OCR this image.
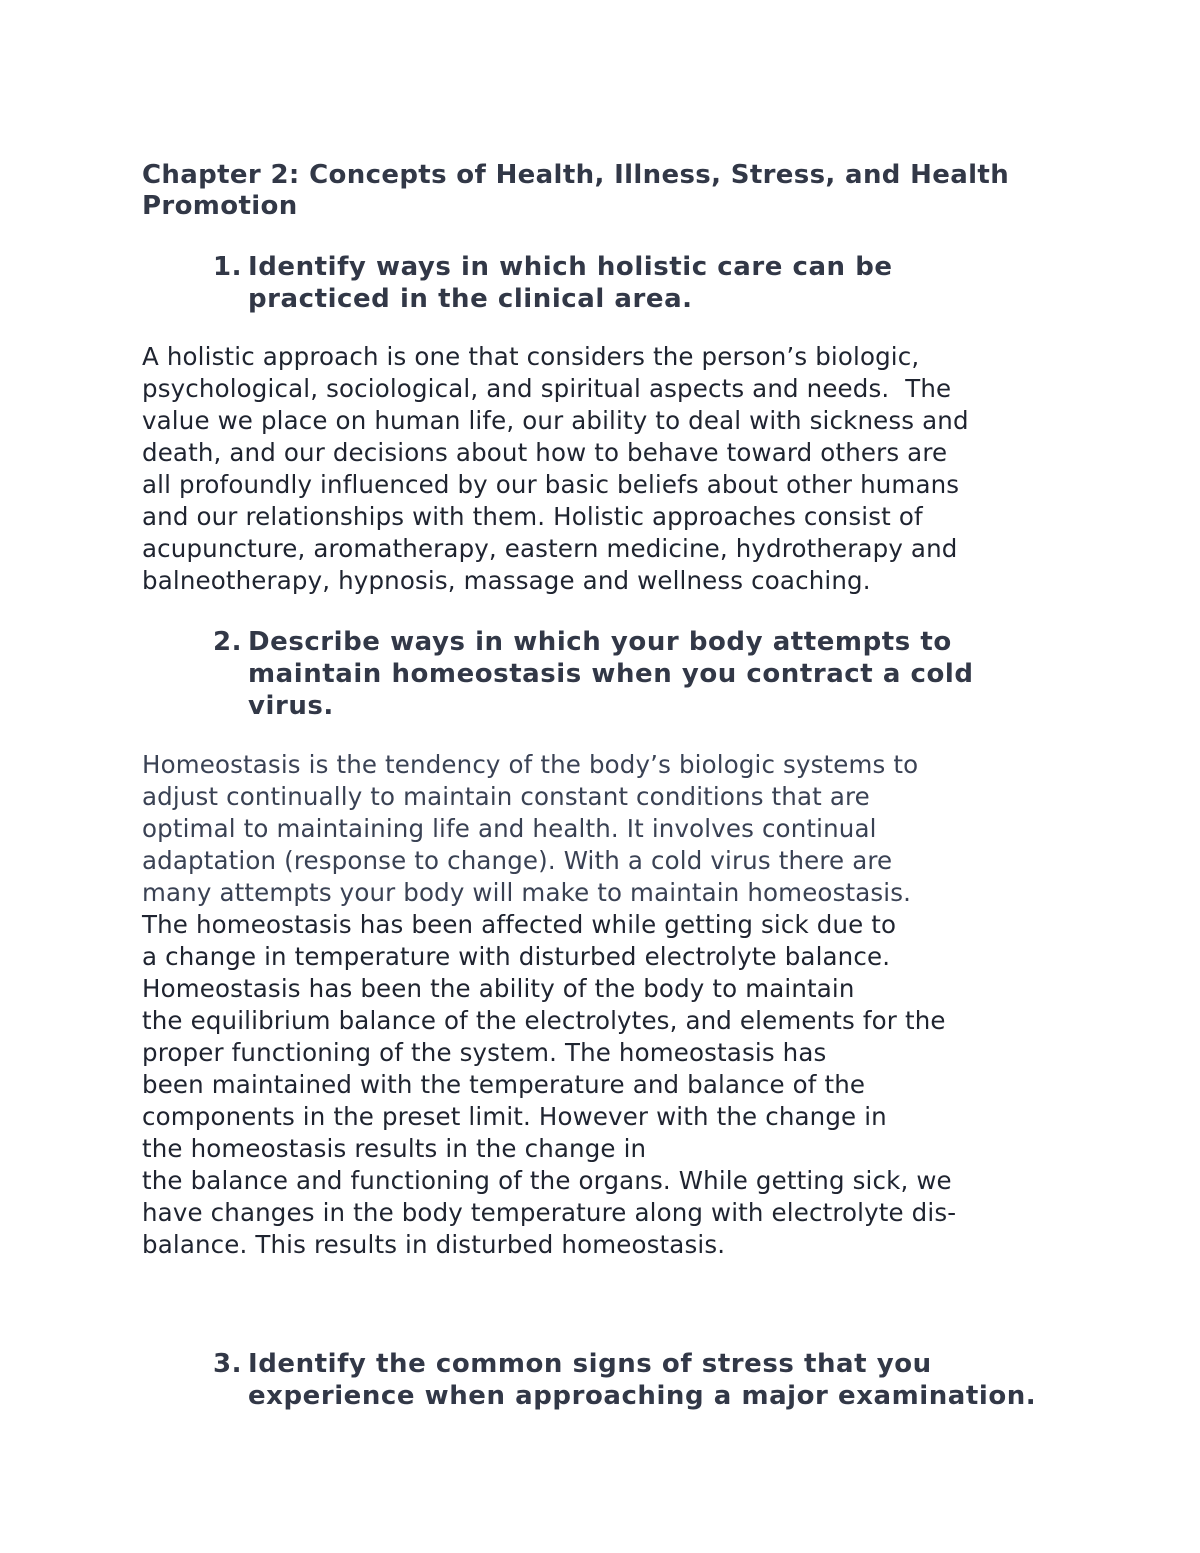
Chapter 2: Concepts of Health, Illness, Stress, and Health Promotion
1. Identify ways in which holistic care can be
practiced in the clinical area.
A holistic approach is one that considers the person’s biologic,
psychological, sociological, and spiritual aspects and needs.  The
value we place on human life, our ability to deal with sickness and
death, and our decisions about how to behave toward others are
all profoundly influenced by our basic beliefs about other humans
and our relationships with them. Holistic approaches consist of
acupuncture, aromatherapy, eastern medicine, hydrotherapy and
balneotherapy, hypnosis, massage and wellness coaching.
2. Describe ways in which your body attempts to
maintain homeostasis when you contract a cold
virus.
Homeostasis is the tendency of the body’s biologic systems to
adjust continually to maintain constant conditions that are
optimal to maintaining life and health. It involves continual
adaptation (response to change). With a cold virus there are
many attempts your body will make to maintain homeostasis.
The homeostasis has been affected while getting sick due to
a change in temperature with disturbed electrolyte balance.
Homeostasis has been the ability of the body to maintain
the equilibrium balance of the electrolytes, and elements for the
proper functioning of the system. The homeostasis has
been maintained with the temperature and balance of the
components in the preset limit. However with the change in
the homeostasis results in the change in
the balance and functioning of the organs. While getting sick, we
have changes in the body temperature along with electrolyte dis-
balance. This results in disturbed homeostasis.
3. Identify the common signs of stress that you
experience when approaching a major examination.
